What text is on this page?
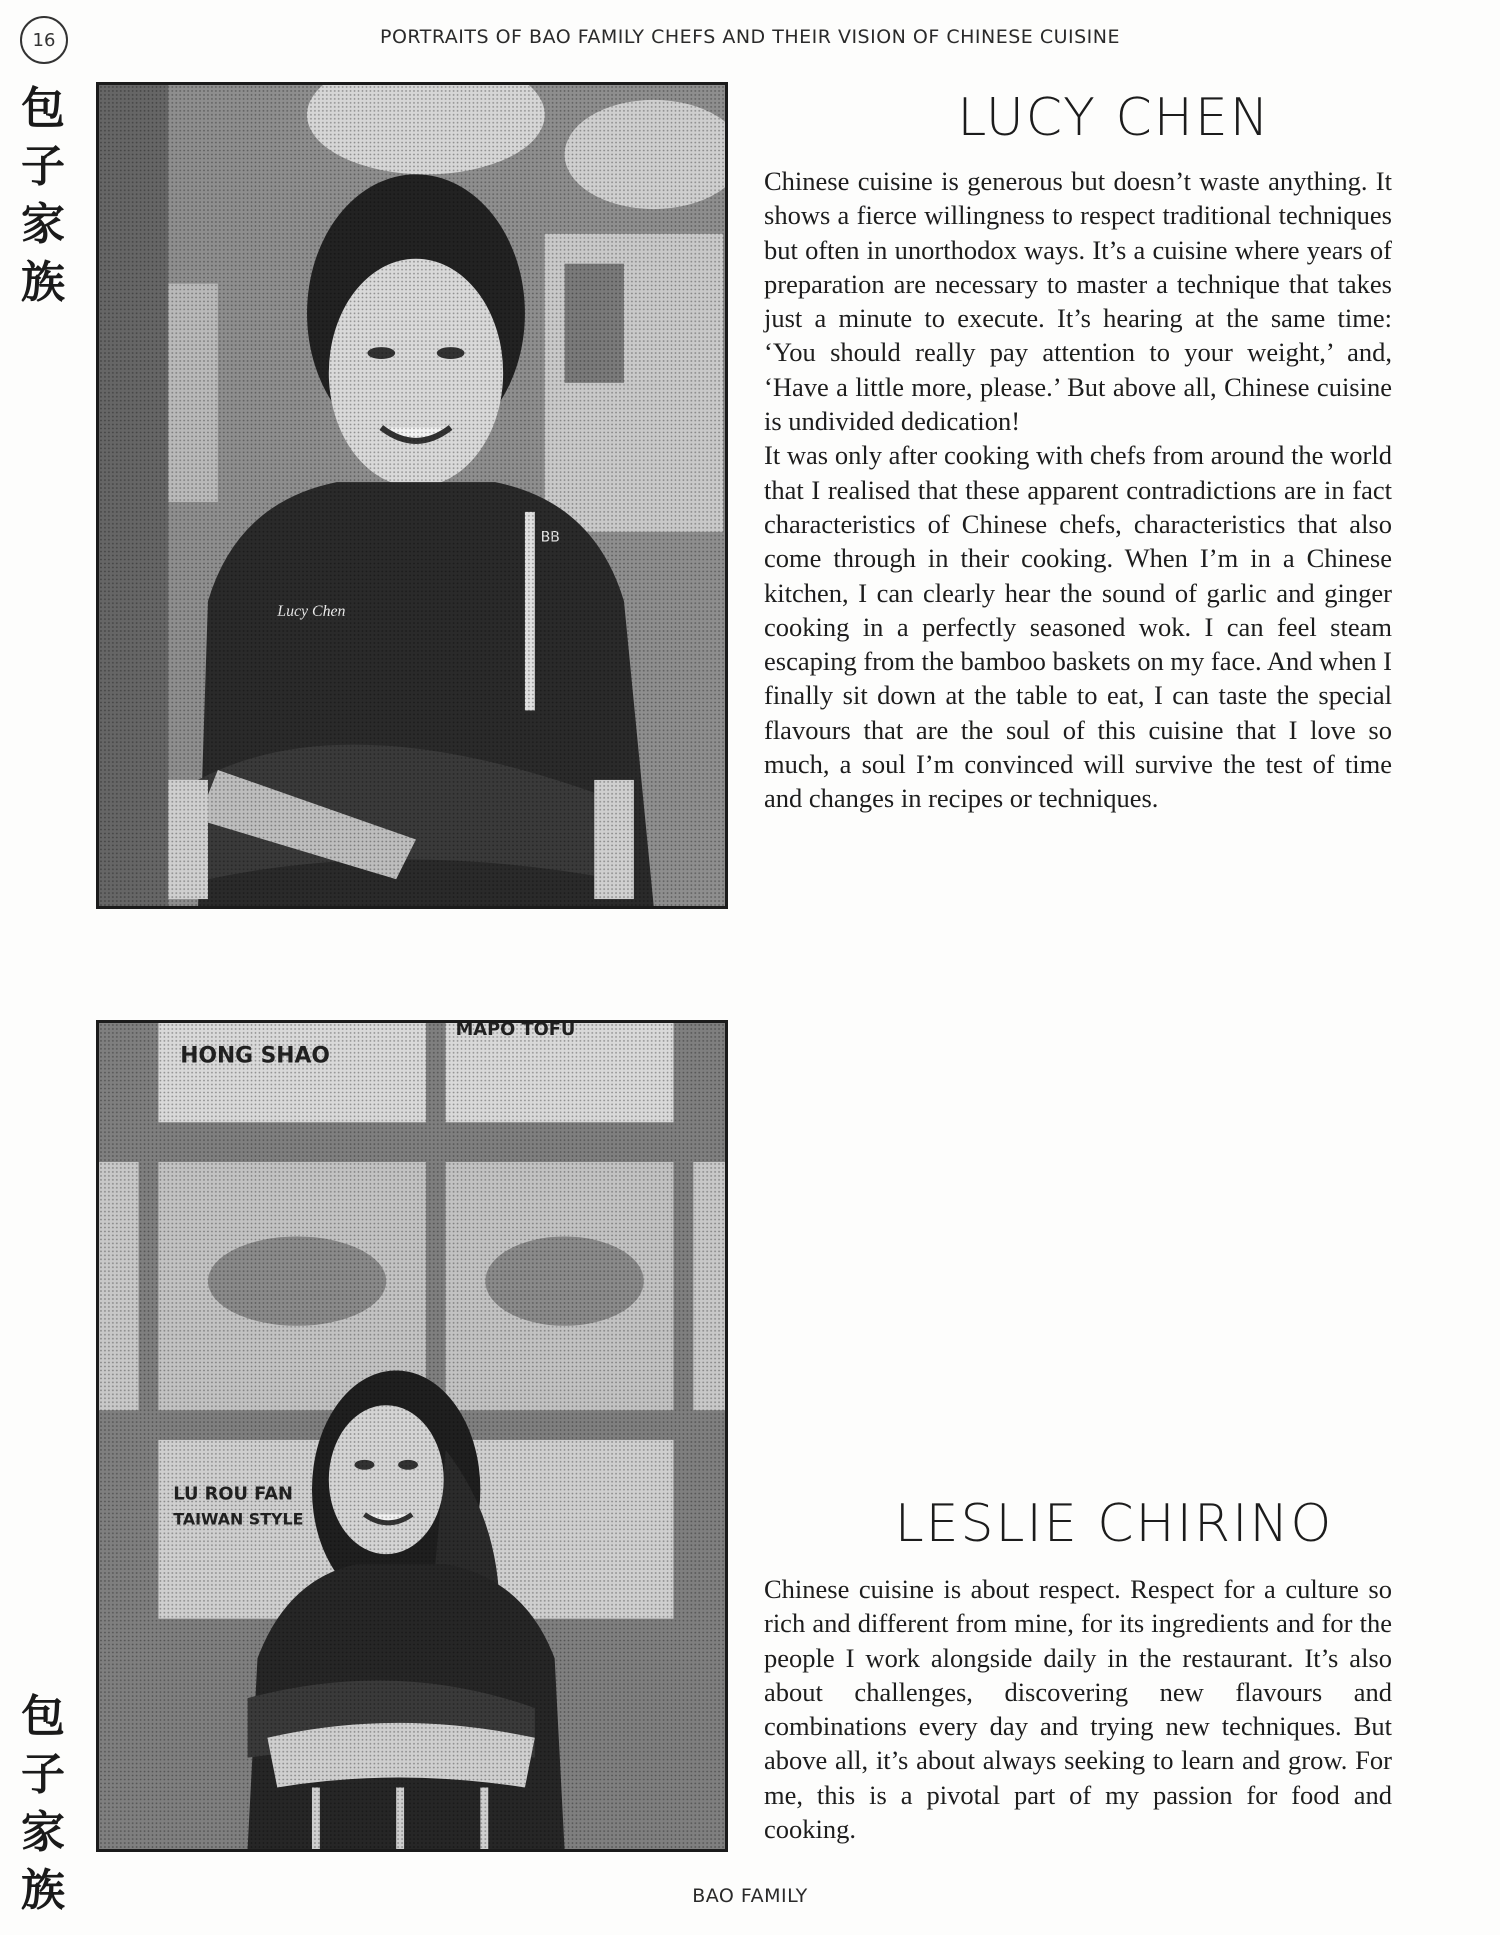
16	PORTRAITS OF BAO FAMILY CHEFS AND THEIR VISION OF CHINESE CUISINE
包
子
家
族
包
子
家
族
LUCY CHEN

Chinese cuisine is generous but doesn’t waste anything. It shows a fierce willingness to respect traditional techniques but often in unorthodox ways. It’s a cuisine where years of preparation are necessary to master a technique that takes just a minute to execute. It’s hearing at the same time: ‘You should really pay attention to your weight,’ and, ‘Have a little more, please.’ But above all, Chinese cuisine is undivided dedication!

It was only after cooking with chefs from around the world that I realised that these apparent contradictions are in fact characteristics of Chinese chefs, characteristics that also come through in their cooking. When I’m in a Chinese kitchen, I can clearly hear the sound of garlic and ginger cooking in a perfectly seasoned wok. I can feel steam escaping from the bamboo baskets on my face. And when I finally sit down at the table to eat, I can taste the special flavours that are the soul of this cuisine that I love so much, a soul I’m convinced will survive the test of time and changes in recipes or techniques.

LESLIE CHIRINO

Chinese cuisine is about respect. Respect for a culture so rich and different from mine, for its ingredients and for the people I work alongside daily in the restaurant. It’s also about challenges, discovering new flavours and combinations every day and trying new techniques. But above all, it’s about always seeking to learn and grow. For me, this is a pivotal part of my passion for food and cooking.

BAO FAMILY
